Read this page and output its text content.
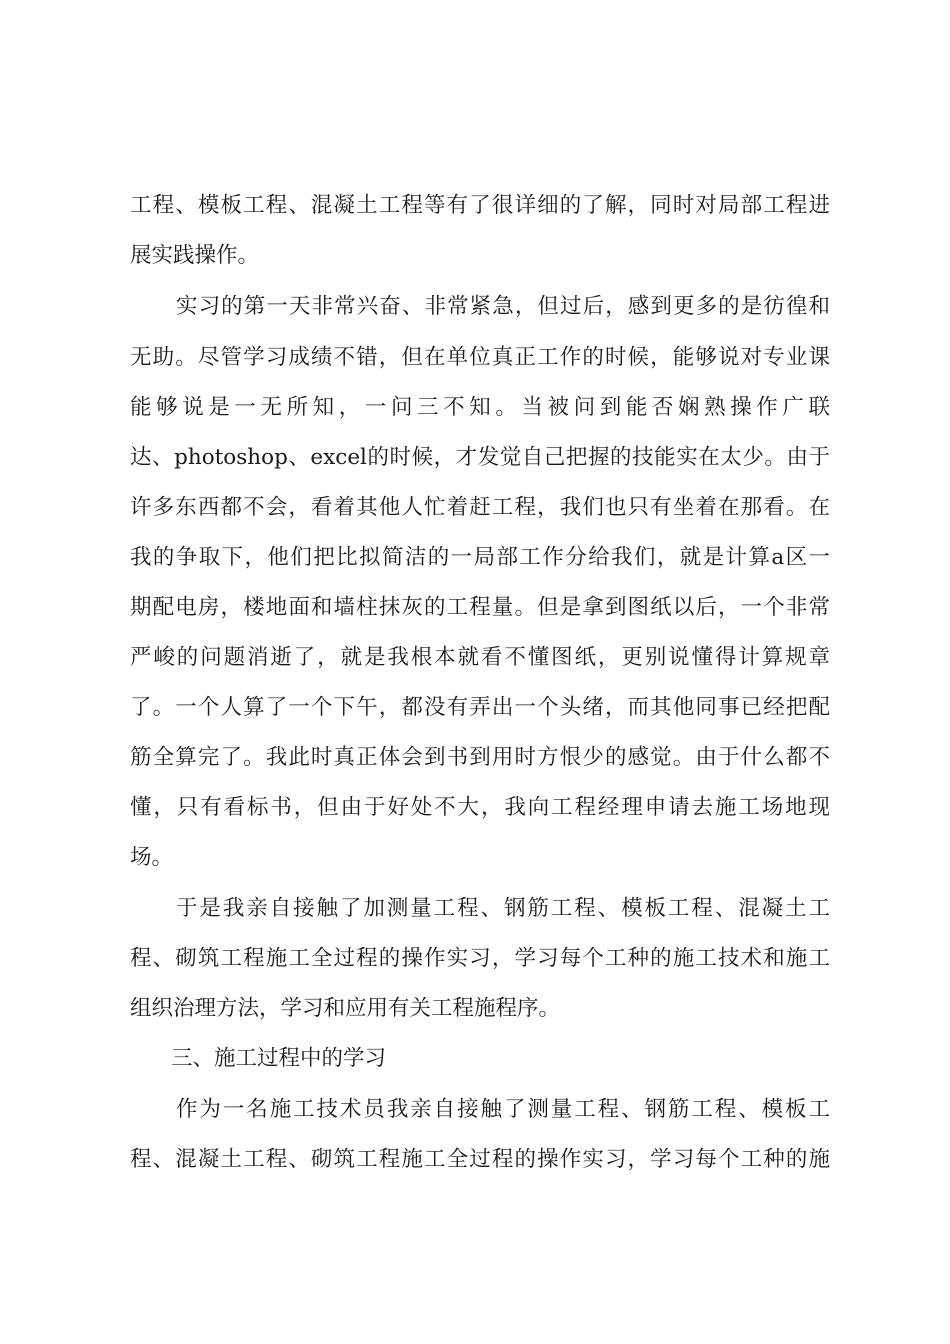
工程、模板工程、混凝土工程等有了很详细的了解，同时对局部工程进
展实践操作。
实习的第一天非常兴奋、非常紧急，但过后，感到更多的是彷徨和
无助。尽管学习成绩不错，但在单位真正工作的时候，能够说对专业课
能够说是一无所知，一问三不知。当被问到能否娴熟操作广联
达、photoshop、excel的时候，才发觉自己把握的技能实在太少。由于
许多东西都不会，看着其他人忙着赶工程，我们也只有坐着在那看。在
我的争取下，他们把比拟简洁的一局部工作分给我们，就是计算a区一
期配电房，楼地面和墙柱抹灰的工程量。但是拿到图纸以后，一个非常
严峻的问题消逝了，就是我根本就看不懂图纸，更别说懂得计算规章
了。一个人算了一个下午，都没有弄出一个头绪，而其他同事已经把配
筋全算完了。我此时真正体会到书到用时方恨少的感觉。由于什么都不
懂，只有看标书，但由于好处不大，我向工程经理申请去施工场地现
场。
于是我亲自接触了加测量工程、钢筋工程、模板工程、混凝土工
程、砌筑工程施工全过程的操作实习，学习每个工种的施工技术和施工
组织治理方法，学习和应用有关工程施程序。
三、施工过程中的学习
作为一名施工技术员我亲自接触了测量工程、钢筋工程、模板工
程、混凝土工程、砌筑工程施工全过程的操作实习，学习每个工种的施
